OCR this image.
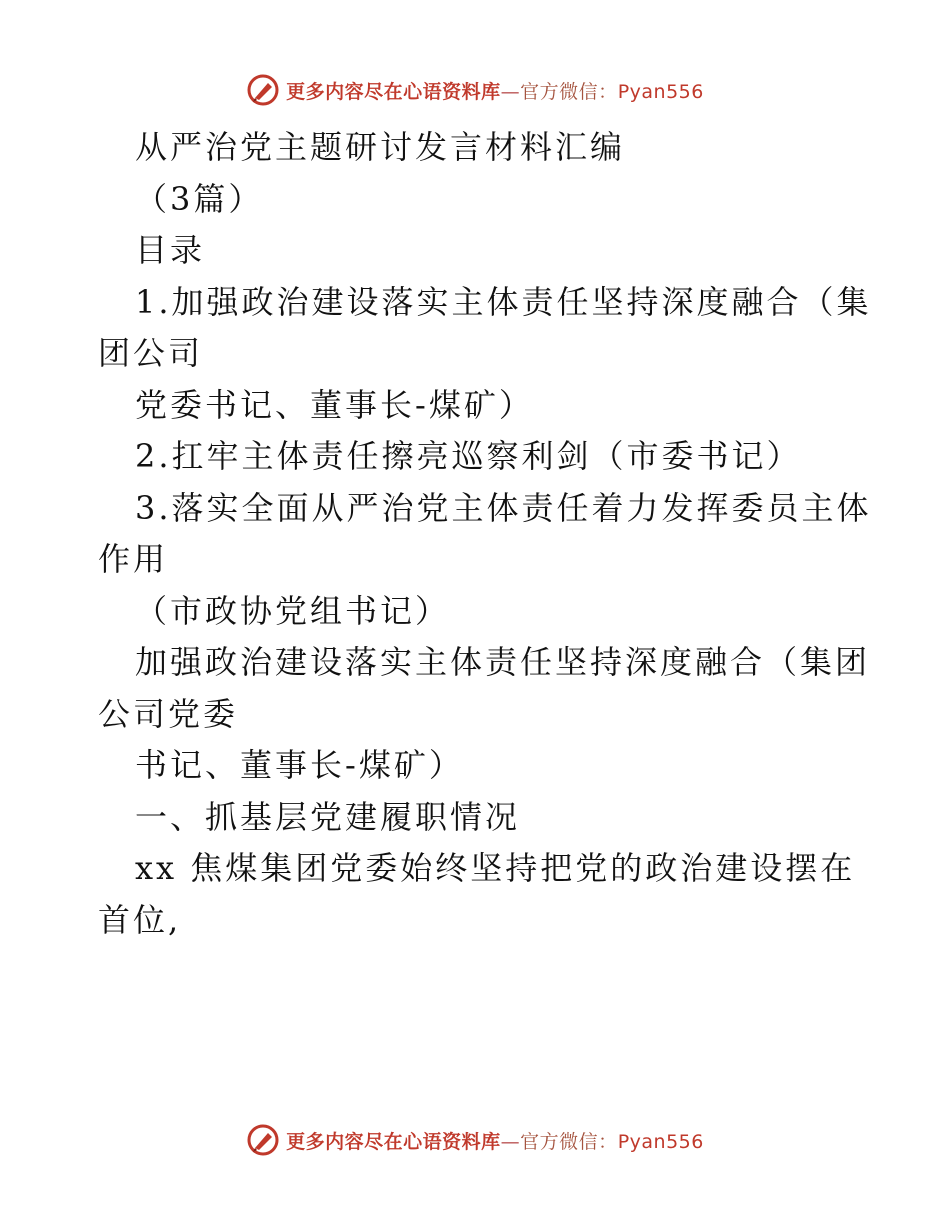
更多内容尽在心语资料库—官方微信：Pyan556
从严治党主题研讨发言材料汇编
（3篇）
目录
1.加强政治建设落实主体责任坚持深度融合（集
团公司
党委书记、董事长-煤矿）
2.扛牢主体责任擦亮巡察利剑（市委书记）
3.落实全面从严治党主体责任着力发挥委员主体
作用
（市政协党组书记）
加强政治建设落实主体责任坚持深度融合（集团
公司党委
书记、董事长-煤矿）
一、抓基层党建履职情况
xx 焦煤集团党委始终坚持把党的政治建设摆在
首位,
更多内容尽在心语资料库—官方微信：Pyan556
